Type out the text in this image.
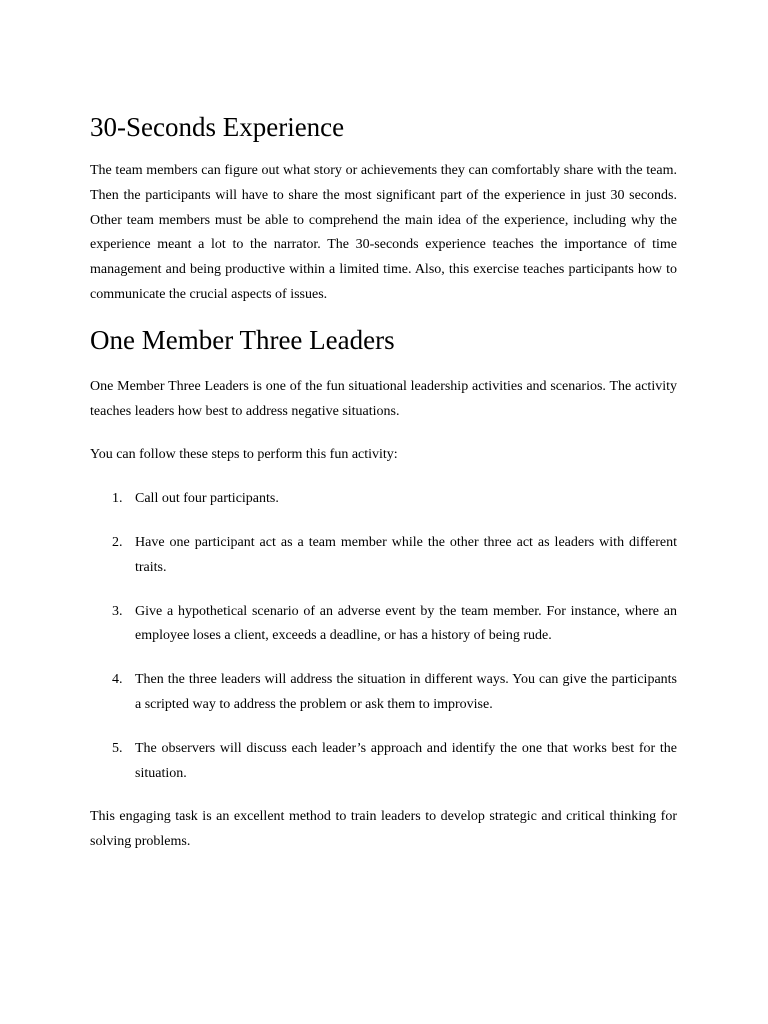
30-Seconds Experience

The team members can figure out what story or achievements they can comfortably share with the team. Then the participants will have to share the most significant part of the experience in just 30 seconds. Other team members must be able to comprehend the main idea of the experience, including why the experience meant a lot to the narrator. The 30-seconds experience teaches the importance of time management and being productive within a limited time. Also, this exercise teaches participants how to communicate the crucial aspects of issues.

One Member Three Leaders

One Member Three Leaders is one of the fun situational leadership activities and scenarios. The activity teaches leaders how best to address negative situations.

You can follow these steps to perform this fun activity:

1. Call out four participants.
2. Have one participant act as a team member while the other three act as leaders with different traits.
3. Give a hypothetical scenario of an adverse event by the team member. For instance, where an employee loses a client, exceeds a deadline, or has a history of being rude.
4. Then the three leaders will address the situation in different ways. You can give the participants a scripted way to address the problem or ask them to improvise.
5. The observers will discuss each leader’s approach and identify the one that works best for the situation.

This engaging task is an excellent method to train leaders to develop strategic and critical thinking for solving problems.
